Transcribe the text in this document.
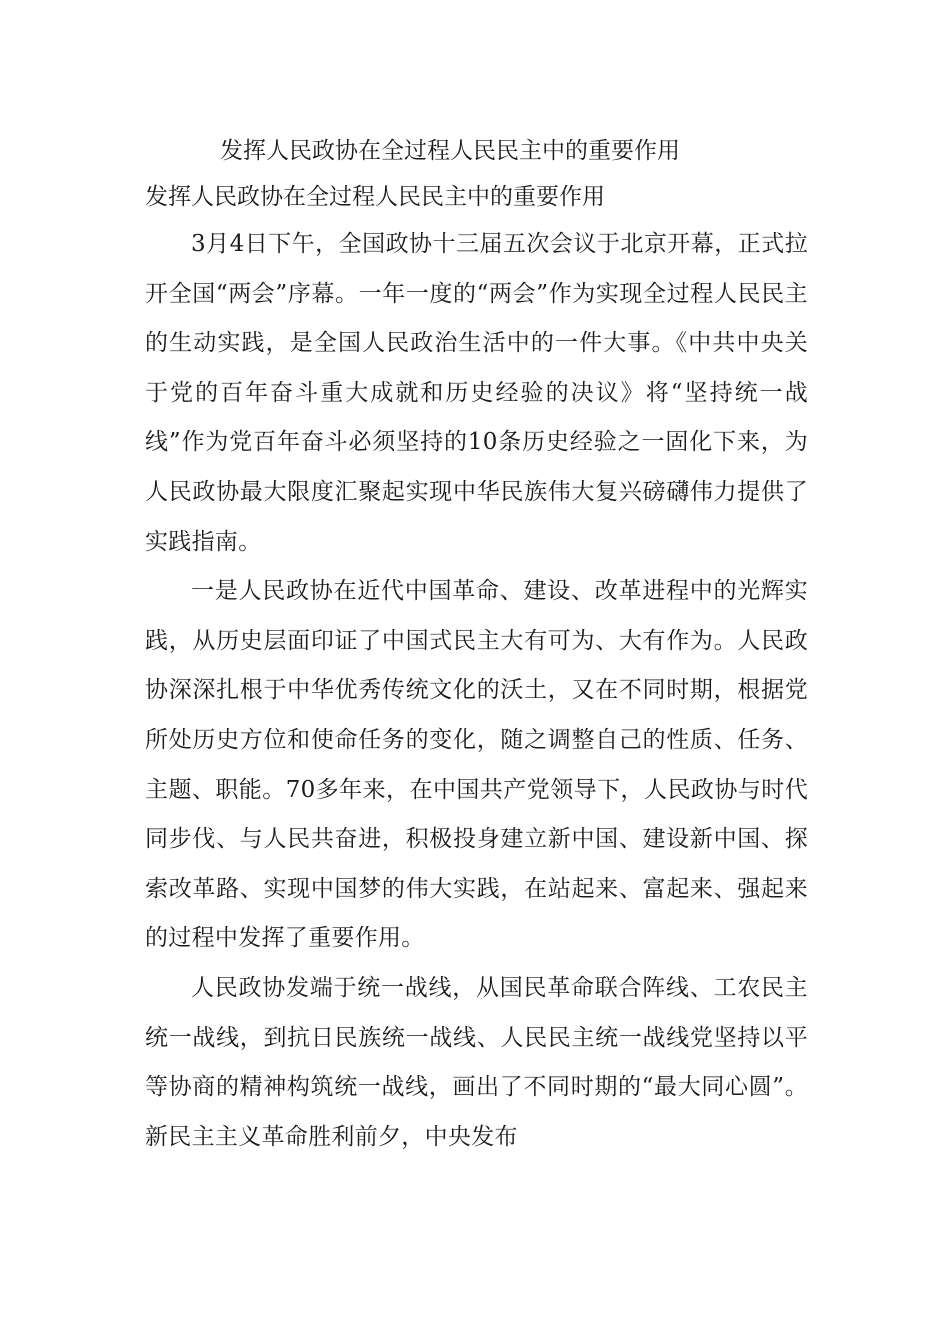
发挥人民政协在全过程人民民主中的重要作用
发挥人民政协在全过程人民民主中的重要作用

3月4日下午，全国政协十三届五次会议于北京开幕，正式拉开全国“两会”序幕。一年一度的“两会”作为实现全过程人民民主的生动实践，是全国人民政治生活中的一件大事。《中共中央关于党的百年奋斗重大成就和历史经验的决议》将“坚持统一战线”作为党百年奋斗必须坚持的10条历史经验之一固化下来，为人民政协最大限度汇聚起实现中华民族伟大复兴磅礴伟力提供了实践指南。

一是人民政协在近代中国革命、建设、改革进程中的光辉实践，从历史层面印证了中国式民主大有可为、大有作为。人民政协深深扎根于中华优秀传统文化的沃土，又在不同时期，根据党所处历史方位和使命任务的变化，随之调整自己的性质、任务、主题、职能。70多年来，在中国共产党领导下，人民政协与时代同步伐、与人民共奋进，积极投身建立新中国、建设新中国、探索改革路、实现中国梦的伟大实践，在站起来、富起来、强起来的过程中发挥了重要作用。

人民政协发端于统一战线，从国民革命联合阵线、工农民主统一战线，到抗日民族统一战线、人民民主统一战线党坚持以平等协商的精神构筑统一战线，画出了不同时期的“最大同心圆”。新民主主义革命胜利前夕，中央发布
